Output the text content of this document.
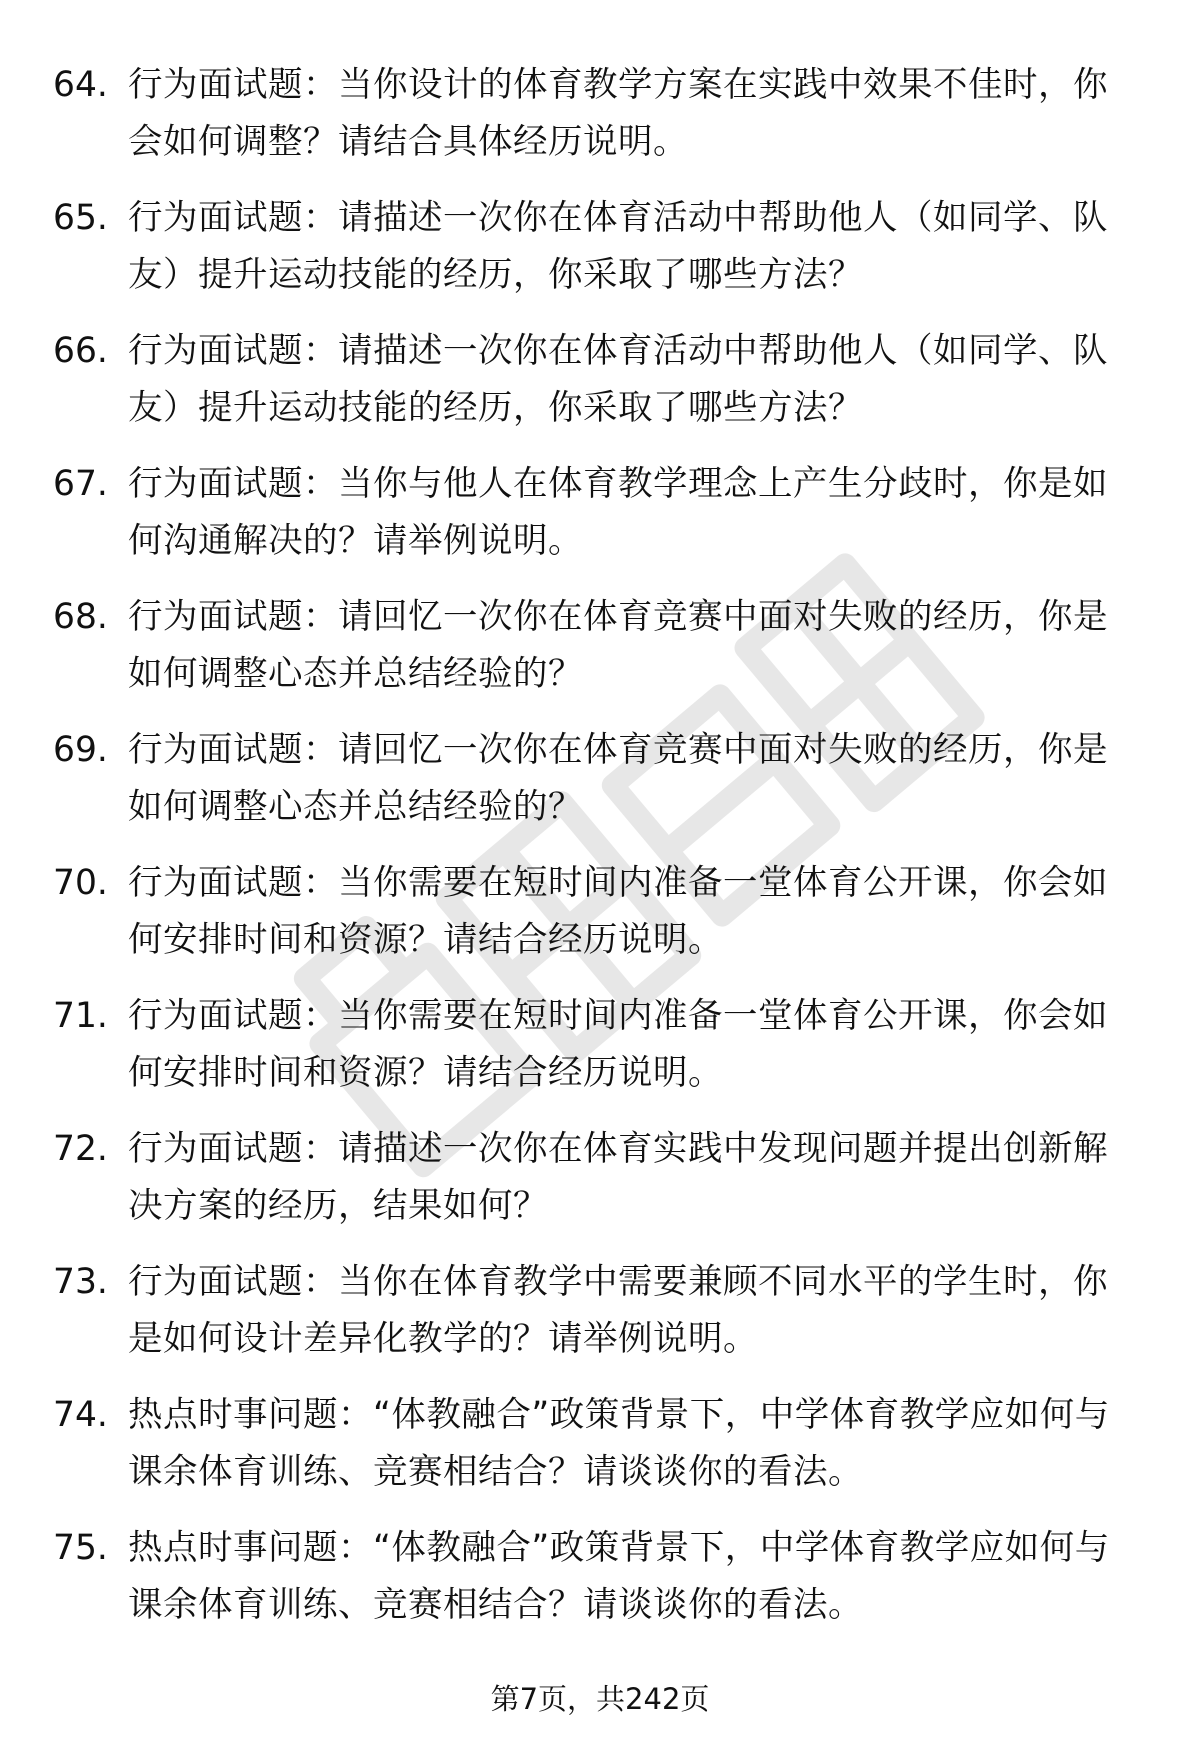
64. 行为面试题：当你设计的体育教学方案在实践中效果不佳时，你会如何调整？请结合具体经历说明。

65. 行为面试题：请描述一次你在体育活动中帮助他人（如同学、队友）提升运动技能的经历，你采取了哪些方法？

66. 行为面试题：请描述一次你在体育活动中帮助他人（如同学、队友）提升运动技能的经历，你采取了哪些方法？

67. 行为面试题：当你与他人在体育教学理念上产生分歧时，你是如何沟通解决的？请举例说明。

68. 行为面试题：请回忆一次你在体育竞赛中面对失败的经历，你是如何调整心态并总结经验的？

69. 行为面试题：请回忆一次你在体育竞赛中面对失败的经历，你是如何调整心态并总结经验的？

70. 行为面试题：当你需要在短时间内准备一堂体育公开课，你会如何安排时间和资源？请结合经历说明。

71. 行为面试题：当你需要在短时间内准备一堂体育公开课，你会如何安排时间和资源？请结合经历说明。

72. 行为面试题：请描述一次你在体育实践中发现问题并提出创新解决方案的经历，结果如何？

73. 行为面试题：当你在体育教学中需要兼顾不同水平的学生时，你是如何设计差异化教学的？请举例说明。

74. 热点时事问题：“体教融合”政策背景下，中学体育教学应如何与课余体育训练、竞赛相结合？请谈谈你的看法。

75. 热点时事问题：“体教融合”政策背景下，中学体育教学应如何与课余体育训练、竞赛相结合？请谈谈你的看法。

第7页，共242页
